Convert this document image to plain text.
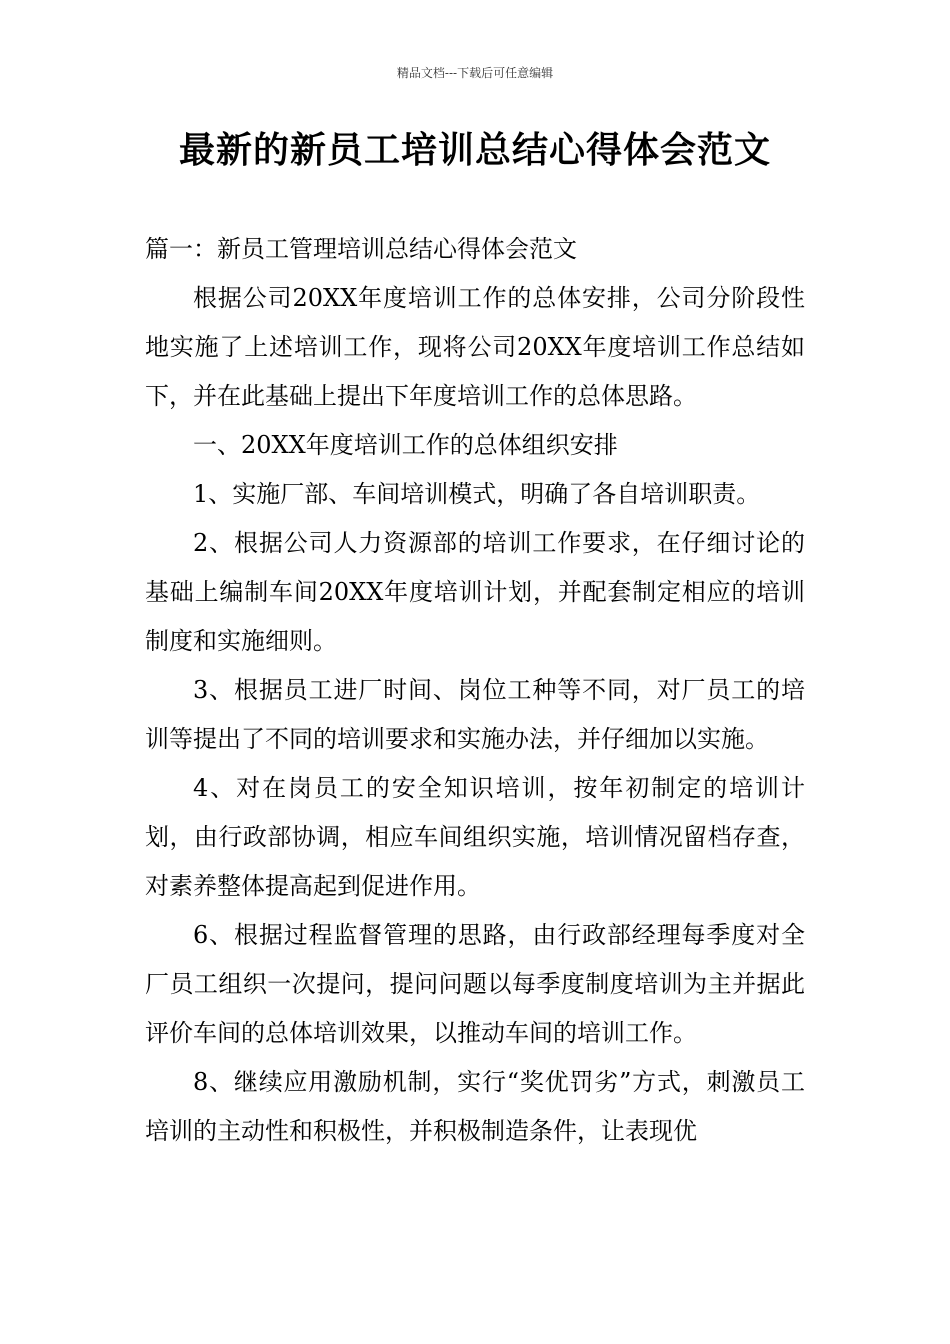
精品文档---下载后可任意编辑
最新的新员工培训总结心得体会范文

篇一：新员工管理培训总结心得体会范文

根据公司20XX年度培训工作的总体安排，公司分阶段性地实施了上述培训工作，现将公司20XX年度培训工作总结如下，并在此基础上提出下年度培训工作的总体思路。

一、20XX年度培训工作的总体组织安排

1、实施厂部、车间培训模式，明确了各自培训职责。

2、根据公司人力资源部的培训工作要求，在仔细讨论的基础上编制车间20XX年度培训计划，并配套制定相应的培训制度和实施细则。

3、根据员工进厂时间、岗位工种等不同，对厂员工的培训等提出了不同的培训要求和实施办法，并仔细加以实施。

4、对在岗员工的安全知识培训，按年初制定的培训计划，由行政部协调，相应车间组织实施，培训情况留档存查，对素养整体提高起到促进作用。

6、根据过程监督管理的思路，由行政部经理每季度对全厂员工组织一次提问，提问问题以每季度制度培训为主并据此评价车间的总体培训效果，以推动车间的培训工作。

8、继续应用激励机制，实行“奖优罚劣”方式，刺激员工培训的主动性和积极性，并积极制造条件，让表现优
